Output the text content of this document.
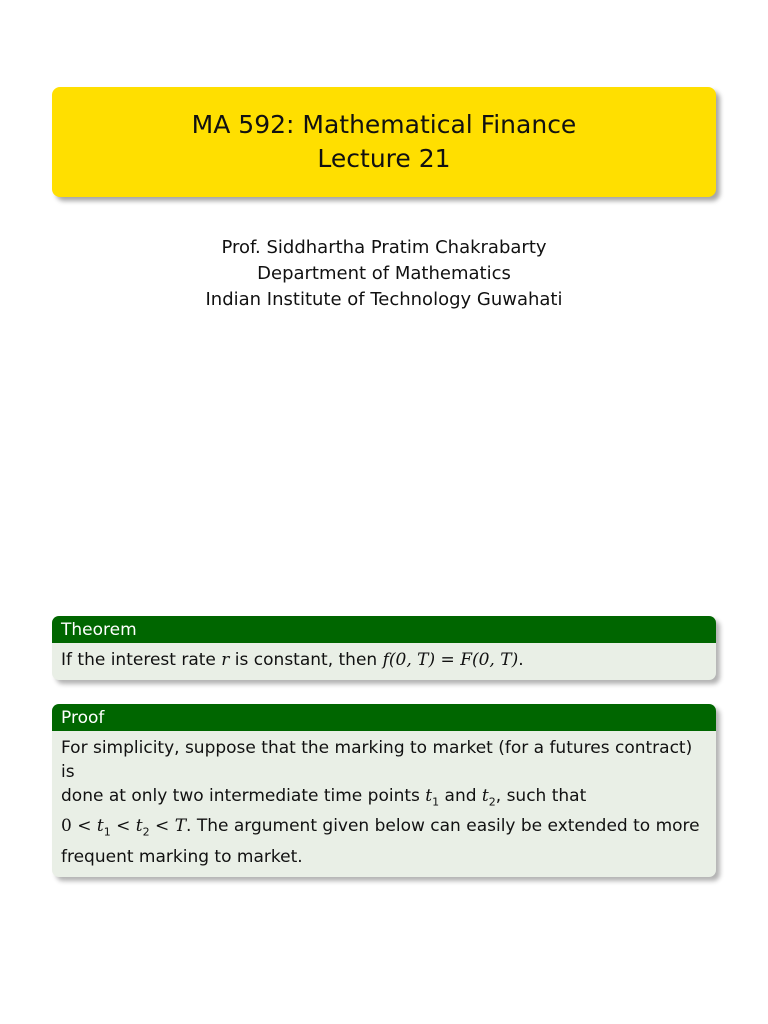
MA 592: Mathematical Finance
Lecture 21
Prof. Siddhartha Pratim Chakrabarty
Department of Mathematics
Indian Institute of Technology Guwahati
Theorem
If the interest rate r is constant, then f(0, T) = F(0, T).
Proof
For simplicity, suppose that the marking to market (for a futures contract) is
done at only two intermediate time points $t_1$ and $t_2$, such that
$0 < t_1 < t_2 < T$. The argument given below can easily be extended to more
frequent marking to market.
